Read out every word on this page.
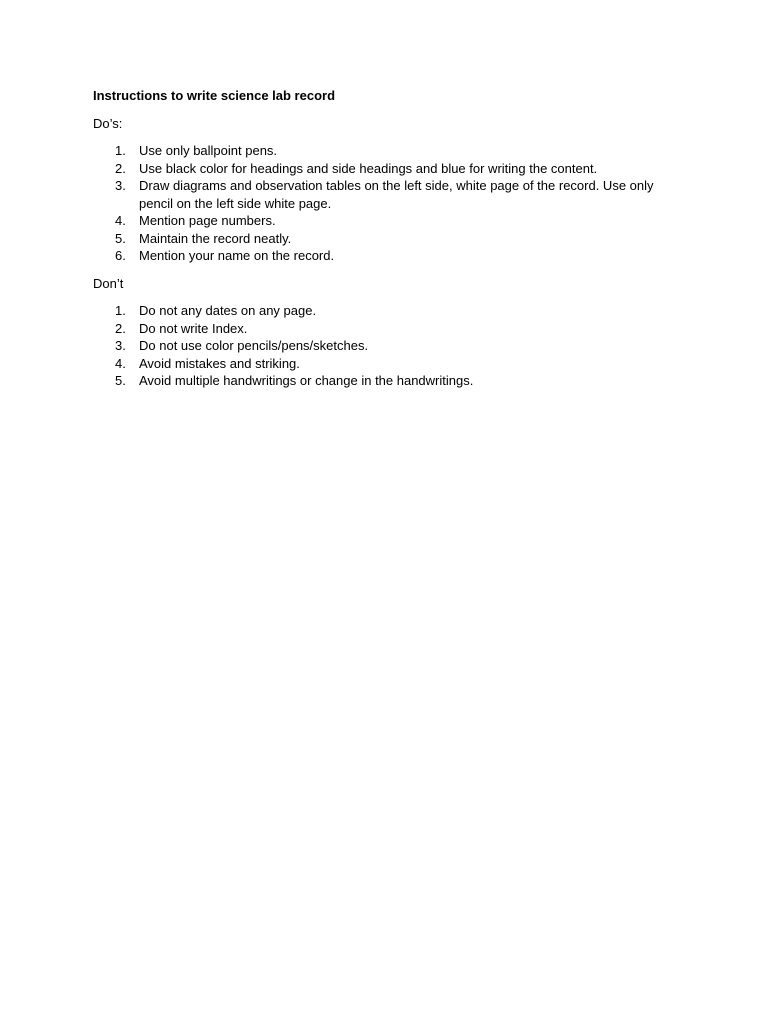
Instructions to write science lab record

Do’s:

1.	Use only ballpoint pens.
2.	Use black color for headings and side headings and blue for writing the content.
3.	Draw diagrams and observation tables on the left side, white page of the record. Use only pencil on the left side white page.
4.	Mention page numbers.
5.	Maintain the record neatly.
6.	Mention your name on the record.

Don’t

1.	Do not any dates on any page.
2.	Do not write Index.
3.	Do not use color pencils/pens/sketches.
4.	Avoid mistakes and striking.
5.	Avoid multiple handwritings or change in the handwritings.
